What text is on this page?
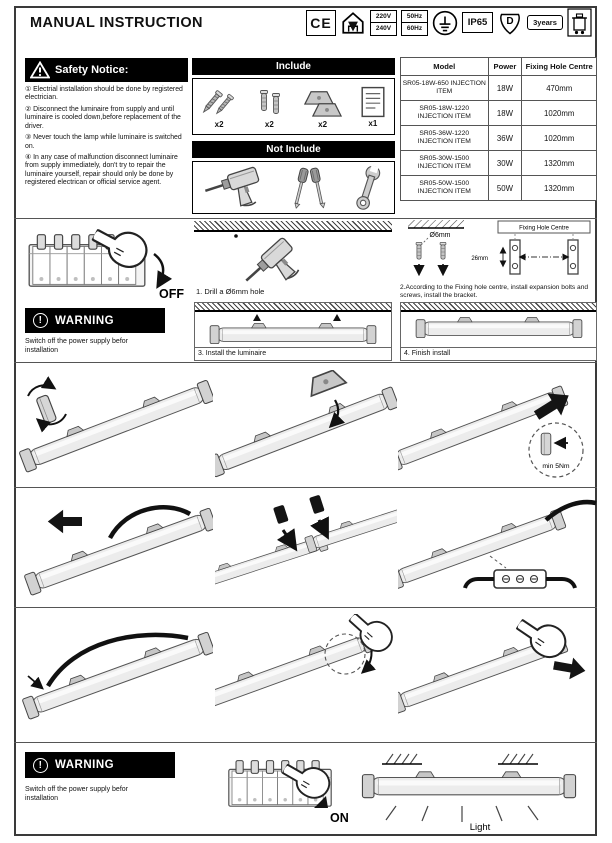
MANUAL INSTRUCTION	CE	220V
240V
50Hz
60Hz
IP65	D	3years
Safety Notice:

① Electrial installation should be done by registered electrician.

② Disconnect the luminaire from supply and until luminaire is cooled down,before replacement of the driver.

③ Never touch the lamp while luminaire is switched on.

④ In any case of malfunction disconnect luminaire from supply immediately, don't try to repair the luminaire yourself, repair should only be done by registered electrican or official service agent.

Include
x2	x2	x2	x1
Not Include
Model	Power	Fixing Hole Centre
SR05-18W-650 INJECTION ITEM	18W	470mm
SR05-18W-1220 INJECTION ITEM	18W	1020mm
SR05-36W-1220 INJECTION ITEM	36W	1020mm
SR05-30W-1500 INJECTION ITEM	30W	1320mm
SR05-50W-1500 INJECTION ITEM	50W	1320mm
OFF
!	WARNING
Switch off the power supply befor installation
1. Drill a Ø6mm hole
Ø6mm
Fixing Hole Centre
26mm
2.According to the Fixing hole centre, install expansion bolts and screws, install the bracket.
3. Install the luminaire	4. Finish install
min 5Nm
!	WARNING
Switch off the power supply befor installation
ON
Light
